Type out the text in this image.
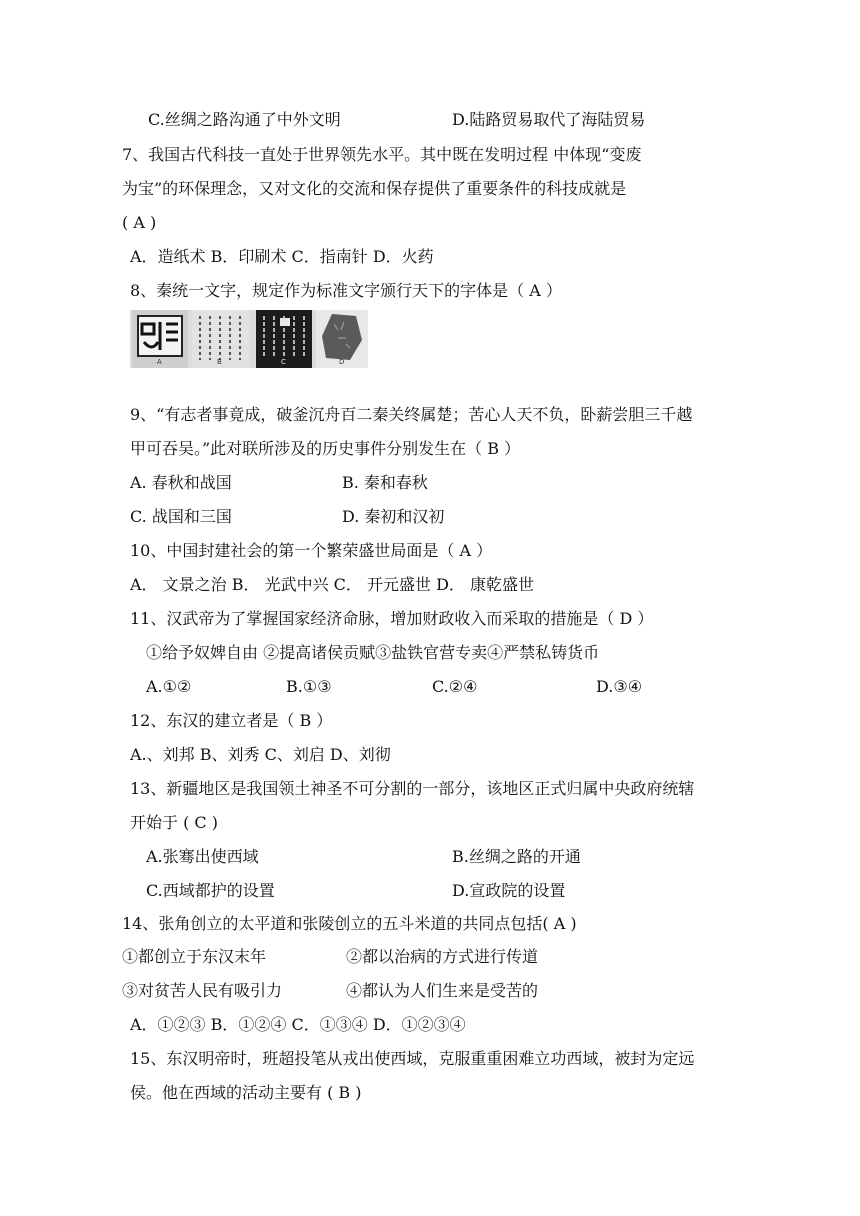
C.丝绸之路沟通了中外文明	D.陆路贸易取代了海陆贸易
7、我国古代科技一直处于世界领先水平。其中既在发明过程 中体现“变废
为宝”的环保理念，又对文化的交流和保存提供了重要条件的科技成就是
( A )
A．造纸术 B．印刷术 C．指南针 D．火药
8、秦统一文字，规定作为标准文字颁行天下的字体是（ A ）
A	B	C	D
9、“有志者事竟成，破釜沉舟百二秦关终属楚；苦心人天不负，卧薪尝胆三千越
甲可吞吴。”此对联所涉及的历史事件分别发生在（ B ）
A. 春秋和战国	B. 秦和春秋
C. 战国和三国	D. 秦初和汉初
10、中国封建社会的第一个繁荣盛世局面是（ A ）
A． 文景之治 B． 光武中兴 C． 开元盛世 D． 康乾盛世
11、汉武帝为了掌握国家经济命脉，增加财政收入而采取的措施是（ D ）
①给予奴婢自由 ②提高诸侯贡赋③盐铁官营专卖④严禁私铸货币
A.①②	B.①③	C.②④	D.③④
12、东汉的建立者是（ B ）
A.、刘邦 B、刘秀 C、刘启 D、刘彻
13、新疆地区是我国领土神圣不可分割的一部分，该地区正式归属中央政府统辖
开始于 ( C )
A.张骞出使西域	B.丝绸之路的开通
C.西域都护的设置	D.宣政院的设置
14、张角创立的太平道和张陵创立的五斗米道的共同点包括( A )
①都创立于东汉末年	②都以治病的方式进行传道
③对贫苦人民有吸引力	④都认为人们生来是受苦的
A．①②③ B．①②④ C．①③④ D．①②③④
15、东汉明帝时，班超投笔从戎出使西域，克服重重困难立功西域，被封为定远
侯。他在西域的活动主要有 ( B )
